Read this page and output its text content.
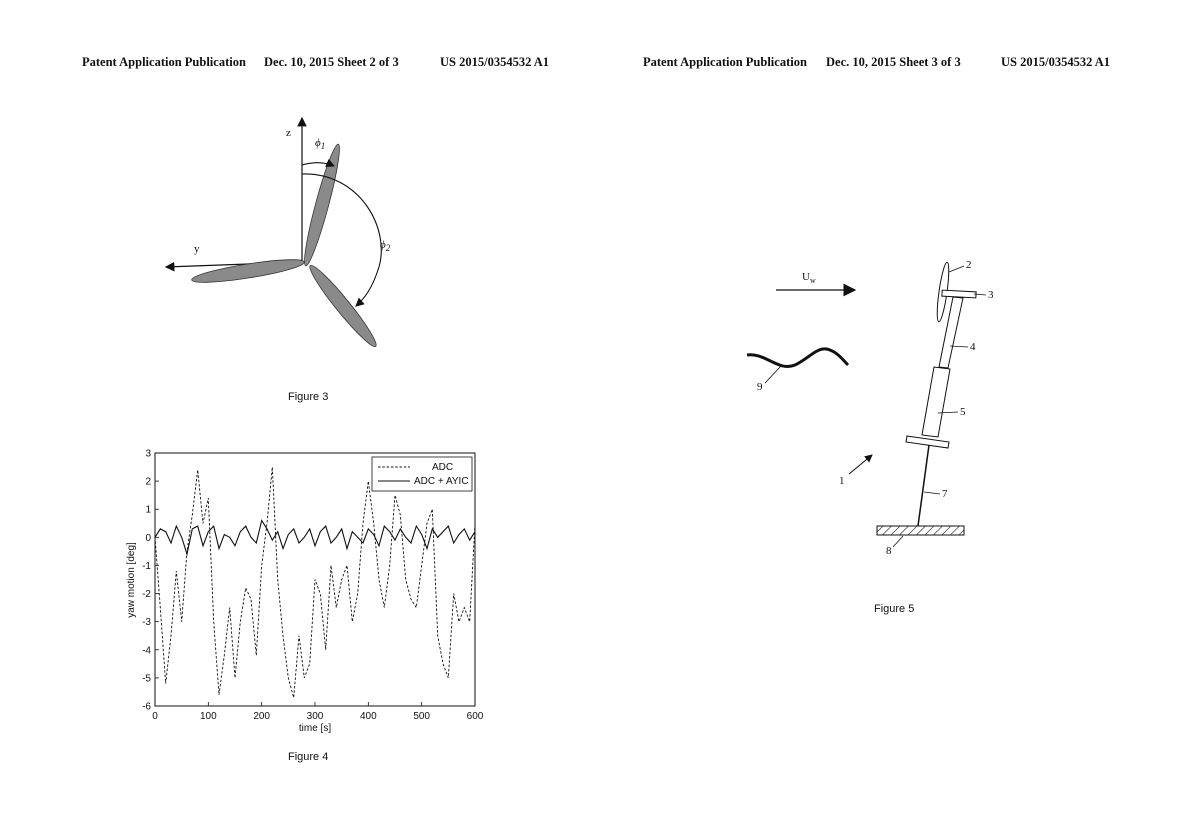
Patent Application Publication Dec. 10, 2015 Sheet 2 of 3	US 2015/0354532 A1	Patent Application Publication Dec. 10, 2015 Sheet 3 of 3	US 2015/0354532 A1
z
y
$\phi_1$
$\phi_2$
Figure 3
0	100	200	300	400	500	600
-6
-5
-4
-3
-2
-1
0
1
2
3
ADC
ADC + AYIC
time [s]
yaw motion [deg]
Figure 4
$U_w$
2
3
4
5
7
8
9
1
Figure 5
